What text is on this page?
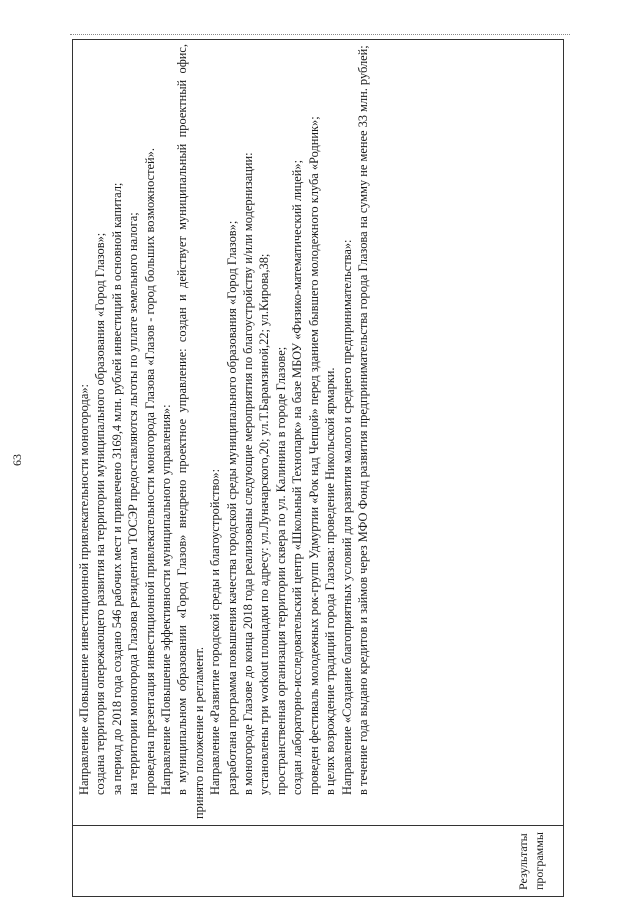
63
Результаты программы

Направление «Повышение инвестиционной привлекательности моногорода»: создана территория опережающего развития на территории муниципального образования «Город Глазов»; за период до 2018 года создано 546 рабочих мест и привлечено 3169,4 млн. рублей инвестиций в основной капитал; на территории моногорода Глазова резидентам ТОСЭР предоставляются льготы по уплате земельного налога; проведена презентация инвестиционной привлекательности моногорода Глазова «Глазов - город больших возможностей». Направление «Повышение эффективности муниципального управления»: в муниципальном образовании «Город Глазов» внедрено проектное управление: создан и действует муниципальный проектный офис, принято положение и регламент. Направление «Развитие городской среды и благоустройство»: разработана программа повышения качества городской среды муниципального образования «Город Глазов»; в моногороде Глазове до конца 2018 года реализованы следующие мероприятия по благоустройству и/или модернизации: установлены три workout площадки по адресу: ул.Луначарского,20; ул.Т.Барамзиной,22; ул.Кирова,38; пространственная организация территории сквера по ул. Калинина в городе Глазове; создан лабораторно-исследовательский центр «Школьный Технопарк» на базе МБОУ «Физико-математический лицей»; проведен фестиваль молодежных рок-групп Удмуртии «Рок над Чепцой» перед зданием бывшего молодежного клуба «Родник»; в целях возрождение традиций города Глазова: проведение Никольской ярмарки. Направление «Создание благоприятных условий для развития малого и среднего предпринимательства»: в течение года выдано кредитов и займов через МФО Фонд развития предпринимательства города Глазова на сумму не менее 33 млн. рублей;
